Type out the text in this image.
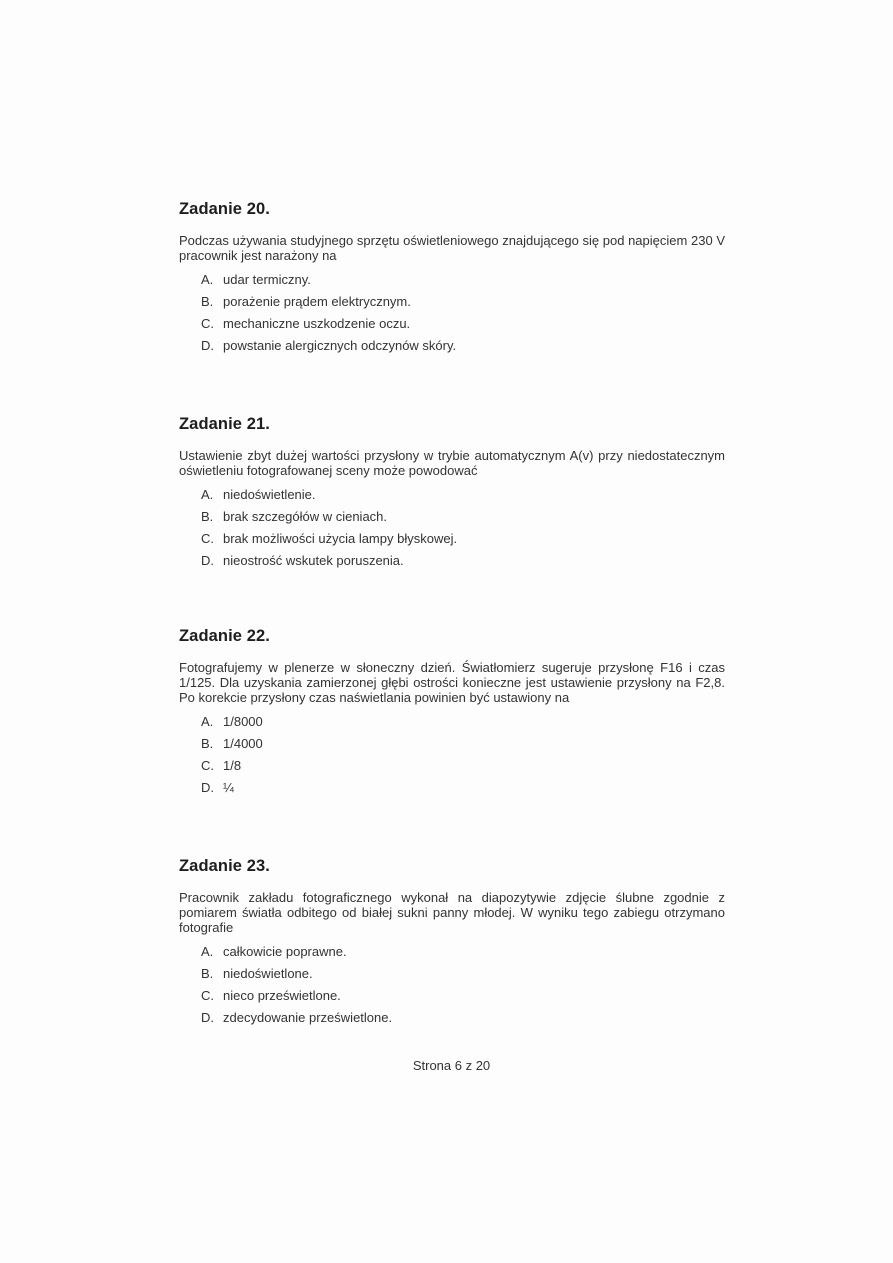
Zadanie 20.

Podczas używania studyjnego sprzętu oświetleniowego znajdującego się pod napięciem 230 V pracownik jest narażony na

A. udar termiczny.
B. porażenie prądem elektrycznym.
C. mechaniczne uszkodzenie oczu.
D. powstanie alergicznych odczynów skóry.
Zadanie 21.

Ustawienie zbyt dużej wartości przysłony w trybie automatycznym A(v) przy niedostatecznym oświetleniu fotografowanej sceny może powodować

A. niedoświetlenie.
B. brak szczegółów w cieniach.
C. brak możliwości użycia lampy błyskowej.
D. nieostrość wskutek poruszenia.
Zadanie 22.

Fotografujemy w plenerze w słoneczny dzień. Światłomierz sugeruje przysłonę F16 i czas 1/125. Dla uzyskania zamierzonej głębi ostrości konieczne jest ustawienie przysłony na F2,8. Po korekcie przysłony czas naświetlania powinien być ustawiony na

A. 1/8000
B. 1/4000
C. 1/8
D. ¼
Zadanie 23.

Pracownik zakładu fotograficznego wykonał na diapozytywie zdjęcie ślubne zgodnie z pomiarem światła odbitego od białej sukni panny młodej. W wyniku tego zabiegu otrzymano fotografie

A. całkowicie poprawne.
B. niedoświetlone.
C. nieco prześwietlone.
D. zdecydowanie prześwietlone.
Strona 6 z 20
